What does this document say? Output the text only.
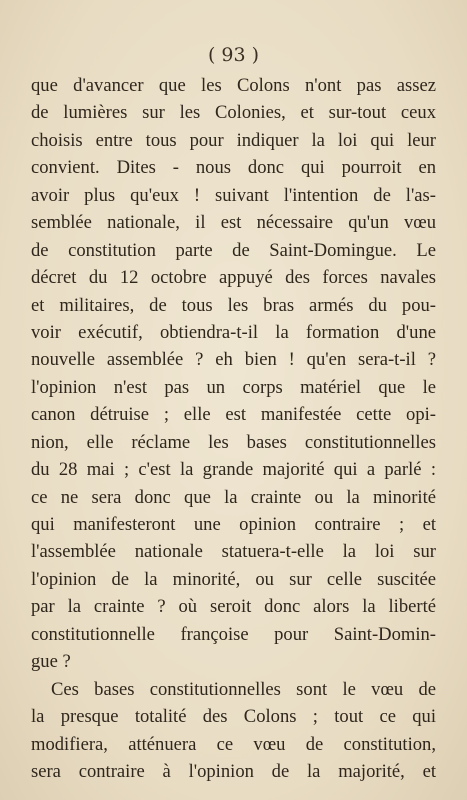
( 93 )
que d'avancer que les Colons n'ont pas assez
de lumières sur les Colonies, et sur-tout ceux
choisis entre tous pour indiquer la loi qui leur
convient. Dites - nous donc qui pourroit en
avoir plus qu'eux ! suivant l'intention de l'as-
semblée nationale, il est nécessaire qu'un vœu
de constitution parte de Saint-Domingue. Le
décret du 12 octobre appuyé des forces navales
et militaires, de tous les bras armés du pou-
voir exécutif, obtiendra-t-il la formation d'une
nouvelle assemblée ? eh bien ! qu'en sera-t-il ?
l'opinion n'est pas un corps matériel que le
canon détruise ; elle est manifestée cette opi-
nion, elle réclame les bases constitutionnelles
du 28 mai ; c'est la grande majorité qui a parlé :
ce ne sera donc que la crainte ou la minorité
qui manifesteront une opinion contraire ; et
l'assemblée nationale statuera-t-elle la loi sur
l'opinion de la minorité, ou sur celle suscitée
par la crainte ? où seroit donc alors la liberté
constitutionnelle françoise pour Saint-Domin-
gue ?
Ces bases constitutionnelles sont le vœu de
la presque totalité des Colons ; tout ce qui
modifiera, atténuera ce vœu de constitution,
sera contraire à l'opinion de la majorité, et
